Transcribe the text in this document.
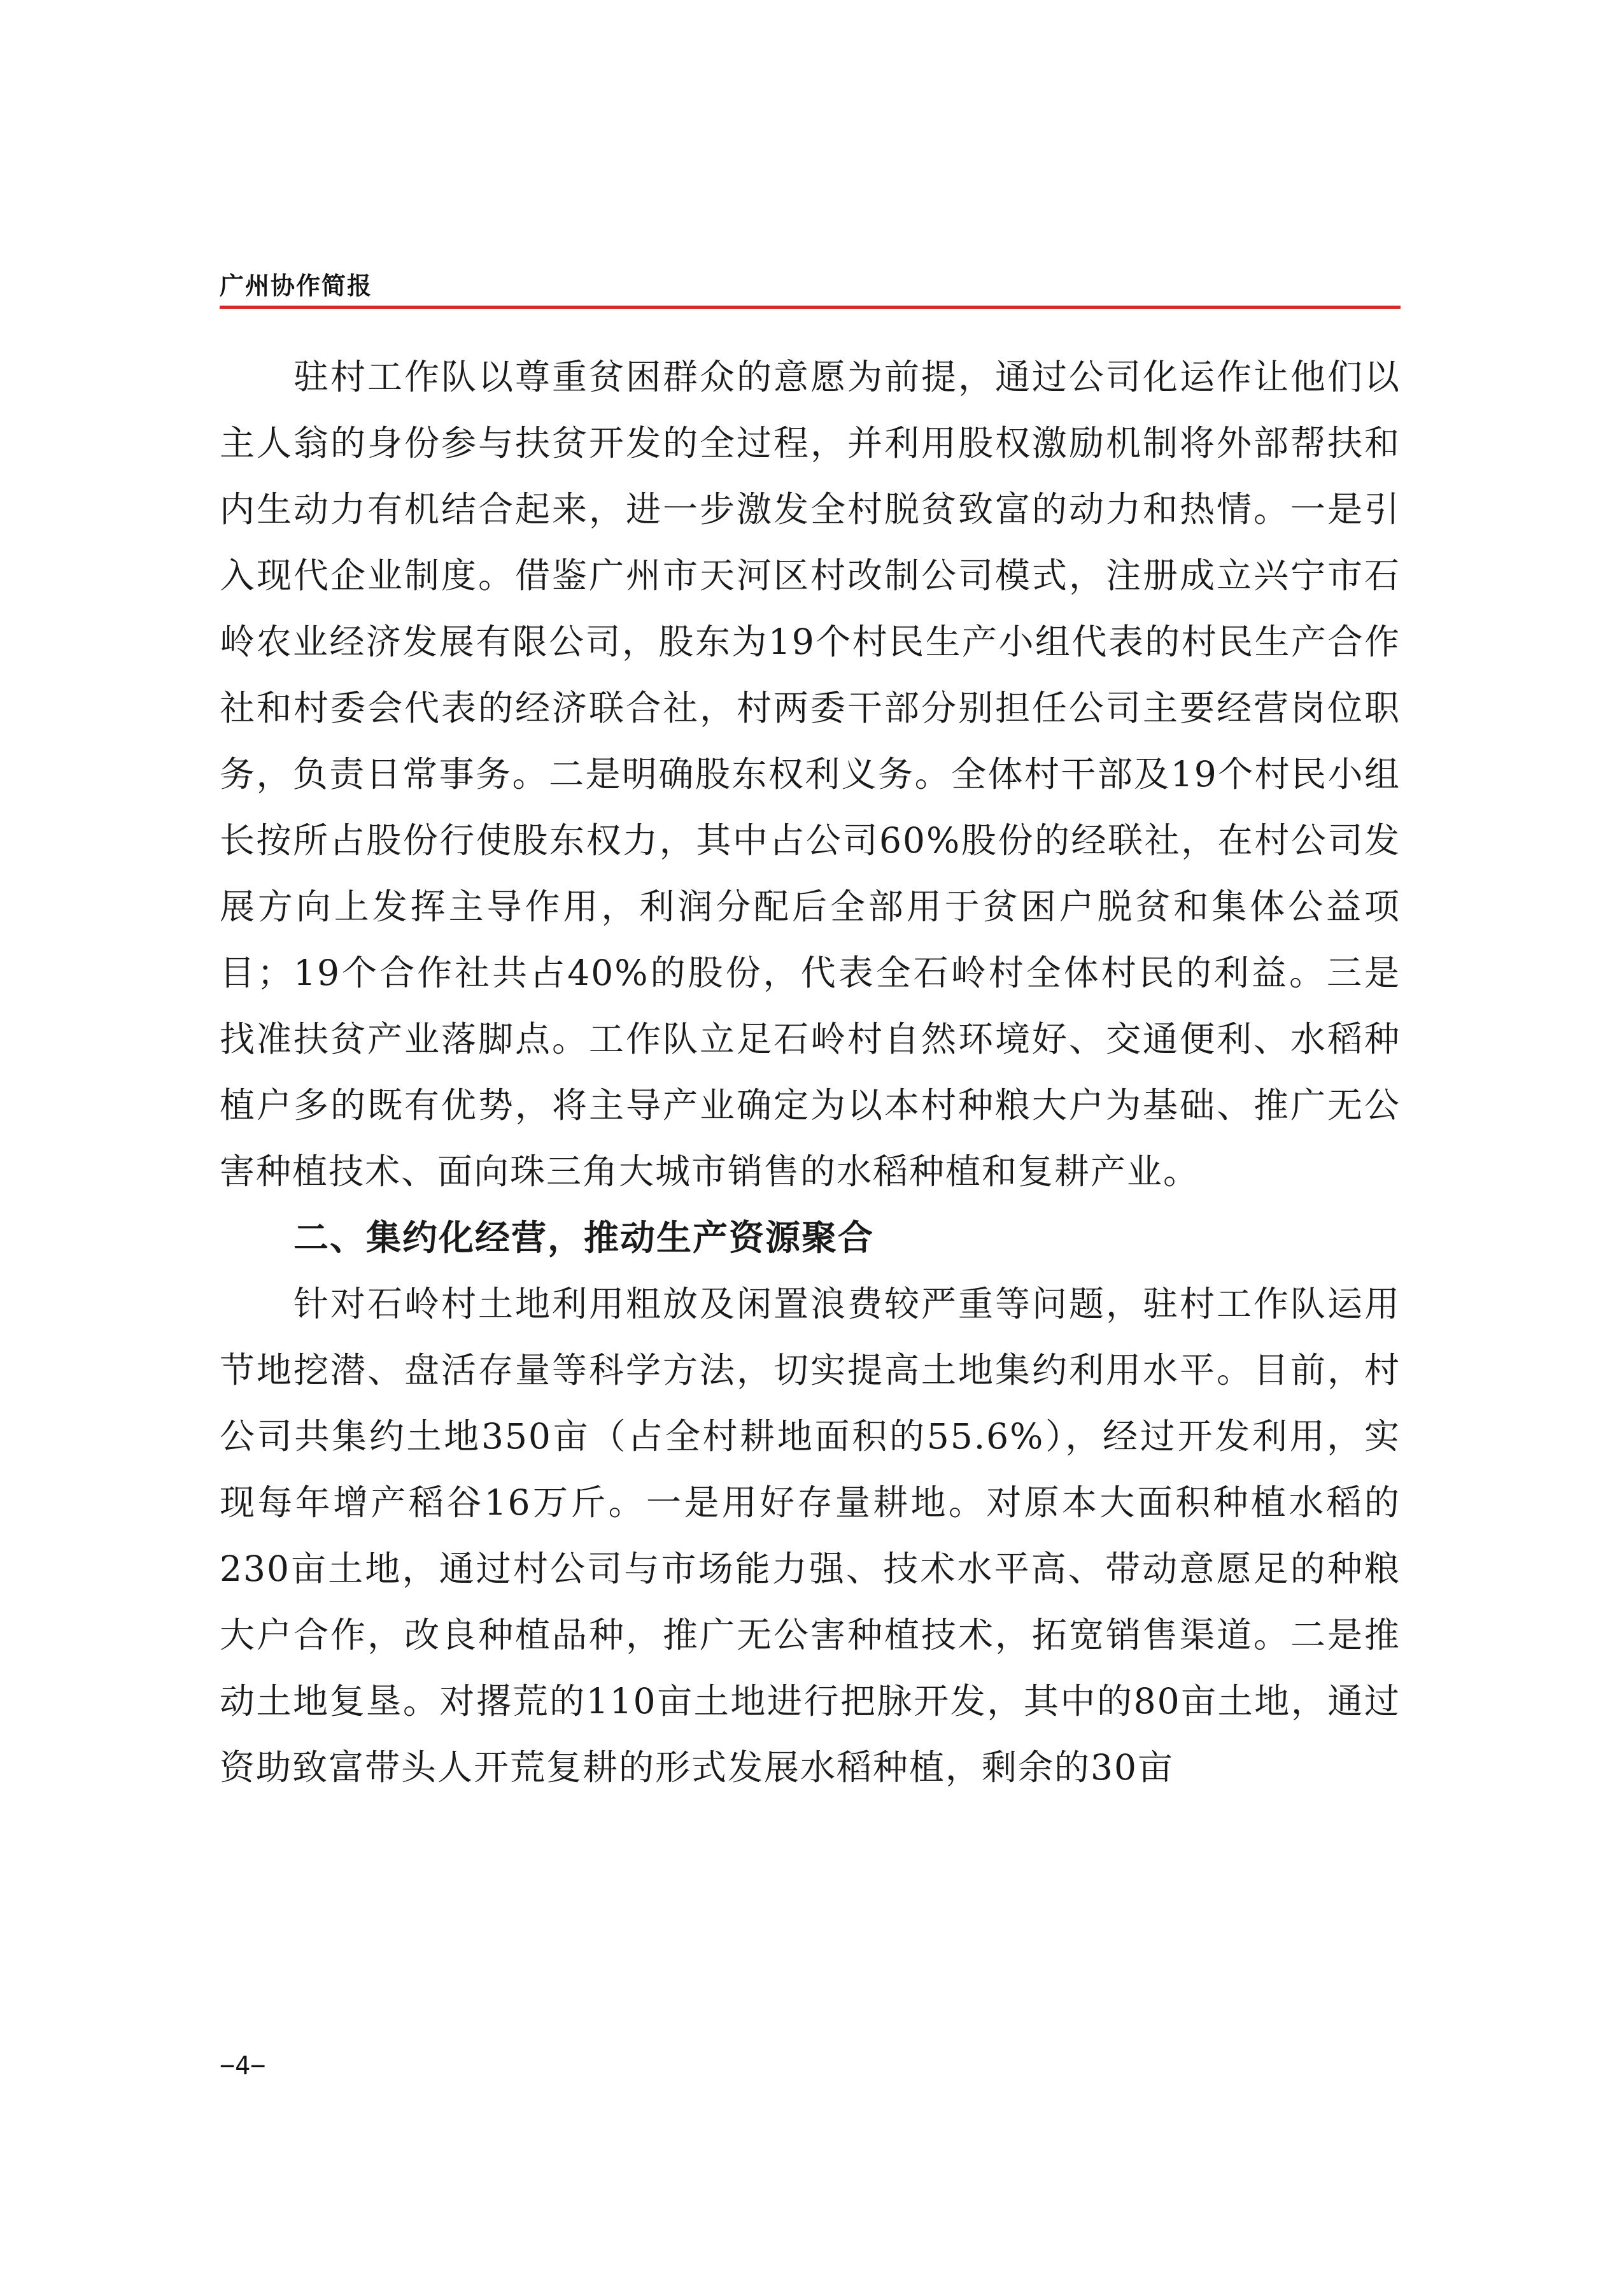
广州协作简报

驻村工作队以尊重贫困群众的意愿为前提，通过公司化运作让他们以主人翁的身份参与扶贫开发的全过程，并利用股权激励机制将外部帮扶和内生动力有机结合起来，进一步激发全村脱贫致富的动力和热情。一是引入现代企业制度。借鉴广州市天河区村改制公司模式，注册成立兴宁市石岭农业经济发展有限公司，股东为19个村民生产小组代表的村民生产合作社和村委会代表的经济联合社，村两委干部分别担任公司主要经营岗位职务，负责日常事务。二是明确股东权利义务。全体村干部及19个村民小组长按所占股份行使股东权力，其中占公司60%股份的经联社，在村公司发展方向上发挥主导作用，利润分配后全部用于贫困户脱贫和集体公益项目；19个合作社共占40%的股份，代表全石岭村全体村民的利益。三是找准扶贫产业落脚点。工作队立足石岭村自然环境好、交通便利、水稻种植户多的既有优势，将主导产业确定为以本村种粮大户为基础、推广无公害种植技术、面向珠三角大城市销售的水稻种植和复耕产业。

二、集约化经营，推动生产资源聚合

针对石岭村土地利用粗放及闲置浪费较严重等问题，驻村工作队运用节地挖潜、盘活存量等科学方法，切实提高土地集约利用水平。目前，村公司共集约土地350亩（占全村耕地面积的55.6%），经过开发利用，实现每年增产稻谷16万斤。一是用好存量耕地。对原本大面积种植水稻的230亩土地，通过村公司与市场能力强、技术水平高、带动意愿足的种粮大户合作，改良种植品种，推广无公害种植技术，拓宽销售渠道。二是推动土地复垦。对撂荒的110亩土地进行把脉开发，其中的80亩土地，通过资助致富带头人开荒复耕的形式发展水稻种植，剩余的30亩

−4−
